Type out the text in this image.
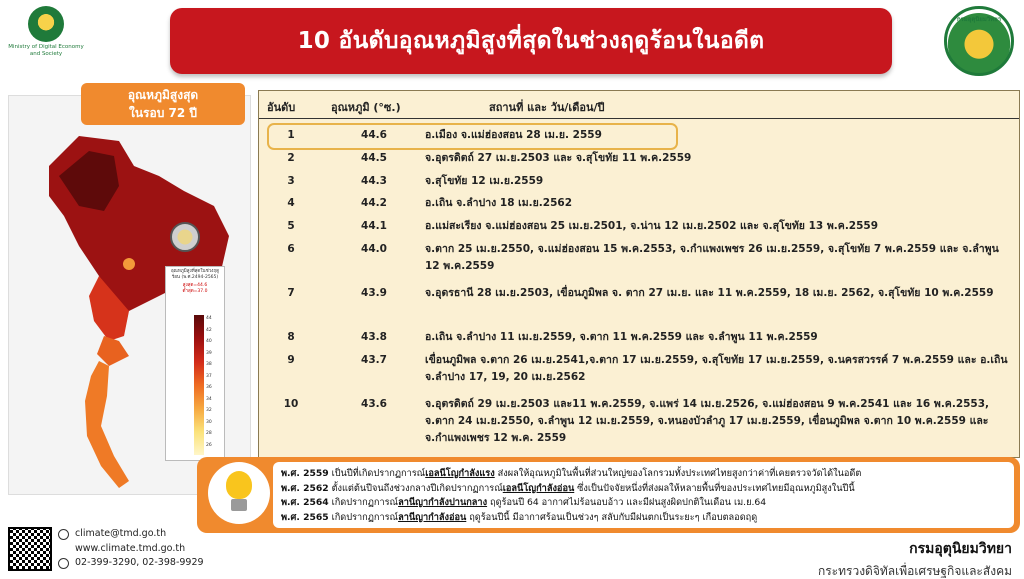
Ministry of Digital Economy and Society
กรมอุตุนิยมวิทยา
10 อันดับอุณหภูมิสูงที่สุดในช่วงฤดูร้อนในอดีต
อุณหภูมิสูงสุด
ในรอบ 72 ปี
อุณหภูมิสูงที่สุดในช่วงฤดูร้อน (พ.ศ.2494-2565)
สูงสุด=44.6
ต่ำสุด=37.0
44
42
40
39
38
37
36
34
32
30
28
26
อันดับ	อุณหภูมิ (°ซ.)	สถานที่ และ วัน/เดือน/ปี
1	44.6	อ.เมือง จ.แม่ฮ่องสอน 28 เม.ย. 2559
2	44.5	จ.อุตรดิตถ์ 27 เม.ย.2503 และ จ.สุโขทัย 11 พ.ค.2559
3	44.3	จ.สุโขทัย 12 เม.ย.2559
4	44.2	อ.เถิน จ.ลำปาง 18 เม.ย.2562
5	44.1	อ.แม่สะเรียง จ.แม่ฮ่องสอน 25 เม.ย.2501, จ.น่าน 12 เม.ย.2502 และ จ.สุโขทัย 13 พ.ค.2559
6	44.0	จ.ตาก 25 เม.ย.2550, จ.แม่ฮ่องสอน 15 พ.ค.2553, จ.กำแพงเพชร 26 เม.ย.2559, จ.สุโขทัย 7 พ.ค.2559 และ จ.ลำพูน 12 พ.ค.2559
7	43.9	จ.อุดรธานี 28 เม.ย.2503, เขื่อนภูมิพล จ. ตาก 27 เม.ย. และ 11 พ.ค.2559, 18 เม.ย. 2562, จ.สุโขทัย 10 พ.ค.2559
8	43.8	อ.เถิน จ.ลำปาง 11 เม.ย.2559, จ.ตาก 11 พ.ค.2559 และ จ.ลำพูน 11 พ.ค.2559
9	43.7	เขื่อนภูมิพล จ.ตาก 26 เม.ย.2541,จ.ตาก 17 เม.ย.2559, จ.สุโขทัย 17 เม.ย.2559, จ.นครสวรรค์ 7 พ.ค.2559 และ อ.เถิน จ.ลำปาง 17, 19, 20 เม.ย.2562
10	43.6	จ.อุตรดิตถ์ 29 เม.ย.2503 และ11 พ.ค.2559, จ.แพร่ 14 เม.ย.2526, จ.แม่ฮ่องสอน 9 พ.ค.2541 และ 16 พ.ค.2553, จ.ตาก 24 เม.ย.2550, จ.ลำพูน 12 เม.ย.2559, จ.หนองบัวลำภู 17 เม.ย.2559, เขื่อนภูมิพล จ.ตาก 10 พ.ค.2559 และ จ.กำแพงเพชร 12 พ.ค. 2559
พ.ศ. 2559 เป็นปีที่เกิดปรากฏการณ์เอลนีโญกำลังแรง ส่งผลให้อุณหภูมิในพื้นที่ส่วนใหญ่ของโลกรวมทั้งประเทศไทยสูงกว่าค่าที่เคยตรวจวัดได้ในอดีต
พ.ศ. 2562 ตั้งแต่ต้นปีจนถึงช่วงกลางปีเกิดปรากฏการณ์เอลนีโญกำลังอ่อน ซึ่งเป็นปัจจัยหนึ่งที่ส่งผลให้หลายพื้นที่ของประเทศไทยมีอุณหภูมิสูงในปีนี้
พ.ศ. 2564 เกิดปรากฏการณ์ลานีญากำลังปานกลาง ฤดูร้อนปี 64 อากาศไม่ร้อนอบอ้าว และมีฝนสูงผิดปกติในเดือน เม.ย.64
พ.ศ. 2565 เกิดปรากฏการณ์ลานีญากำลังอ่อน ฤดูร้อนปีนี้ มีอากาศร้อนเป็นช่วงๆ สลับกับมีฝนตกเป็นระยะๆ เกือบตลอดฤดู
climate@tmd.go.th
www.climate.tmd.go.th
02-399-3290, 02-398-9929
กรมอุตุนิยมวิทยา
กระทรวงดิจิทัลเพื่อเศรษฐกิจและสังคม
